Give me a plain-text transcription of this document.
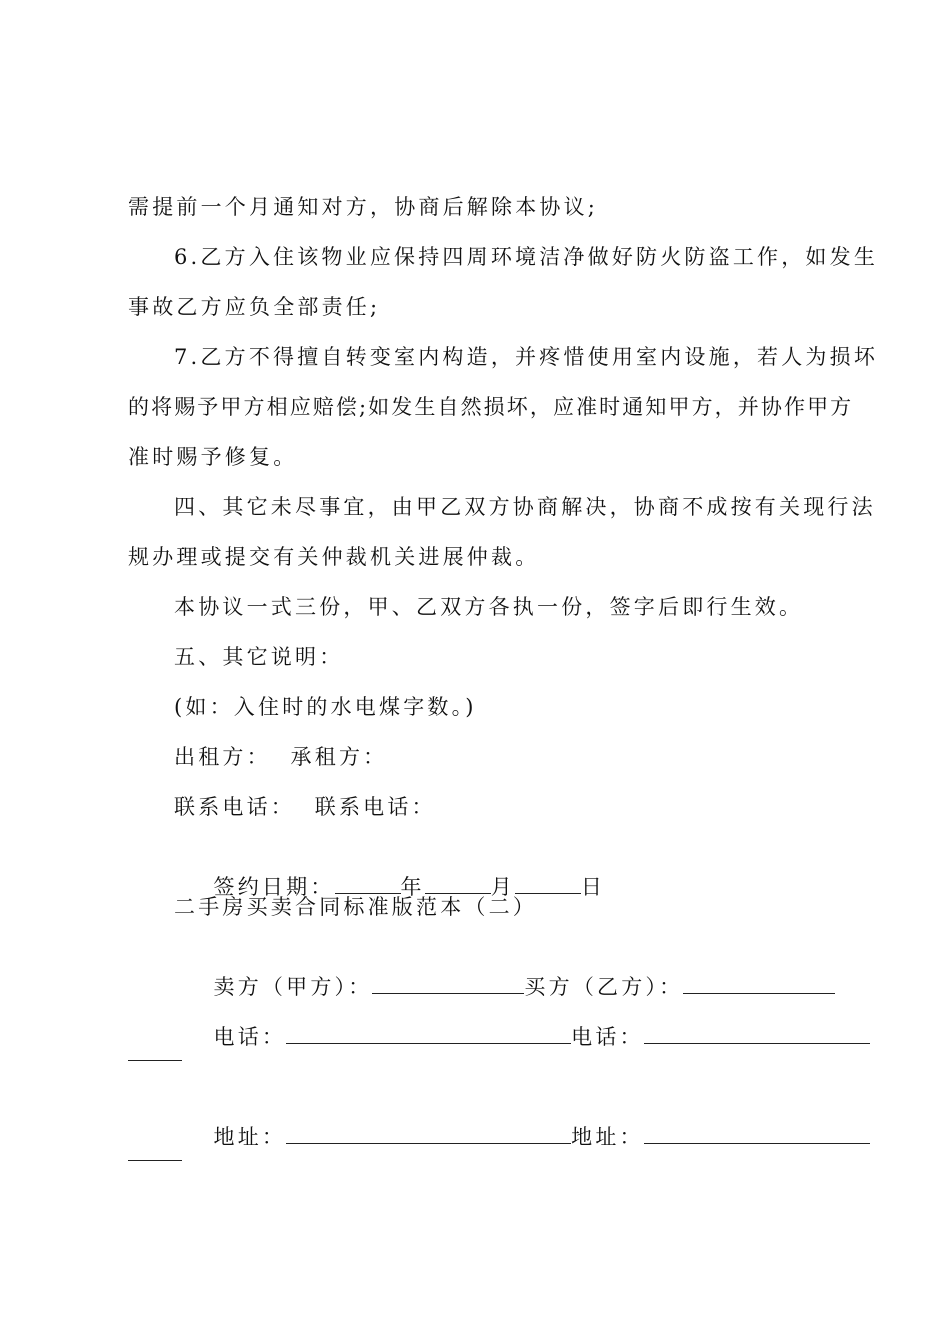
需提前一个月通知对方，协商后解除本协议;
6.乙方入住该物业应保持四周环境洁净做好防火防盗工作，如发生
事故乙方应负全部责任;
7.乙方不得擅自转变室内构造，并疼惜使用室内设施，若人为损坏
的将赐予甲方相应赔偿;如发生自然损坏，应准时通知甲方，并协作甲方
准时赐予修复。
四、其它未尽事宜，由甲乙双方协商解决，协商不成按有关现行法
规办理或提交有关仲裁机关进展仲裁。
本协议一式三份，甲、乙双方各执一份，签字后即行生效。
五、其它说明：
(如：入住时的水电煤字数。)
出租方：  承租方：
联系电话：  联系电话：

签约日期：	年	月	日

二手房买卖合同标准版范本（二）

卖方（甲方）：	买方（乙方）：

电话：	电话：

地址：	地址：
